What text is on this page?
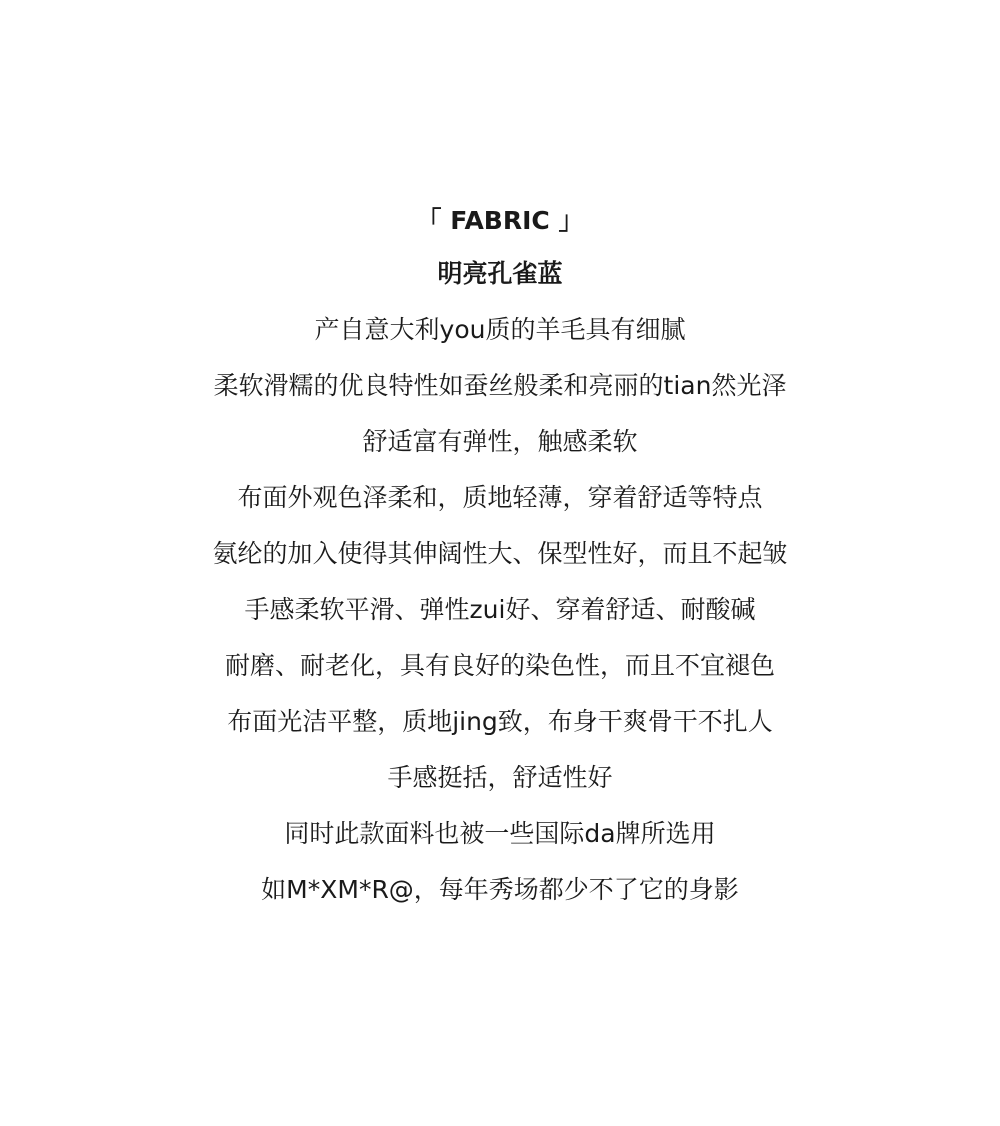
「 FABRIC 」
明亮孔雀蓝
产自意大利you质的羊毛具有细腻
柔软滑糯的优良特性如蚕丝般柔和亮丽的tian然光泽
舒适富有弹性，触感柔软
布面外观色泽柔和，质地轻薄，穿着舒适等特点
氨纶的加入使得其伸阔性大、保型性好，而且不起皱
手感柔软平滑、弹性zui好、穿着舒适、耐酸碱
耐磨、耐老化，具有良好的染色性，而且不宜褪色
布面光洁平整，质地jing致，布身干爽骨干不扎人
手感挺括，舒适性好
同时此款面料也被一些国际da牌所选用
如M*XM*R@，每年秀场都少不了它的身影
